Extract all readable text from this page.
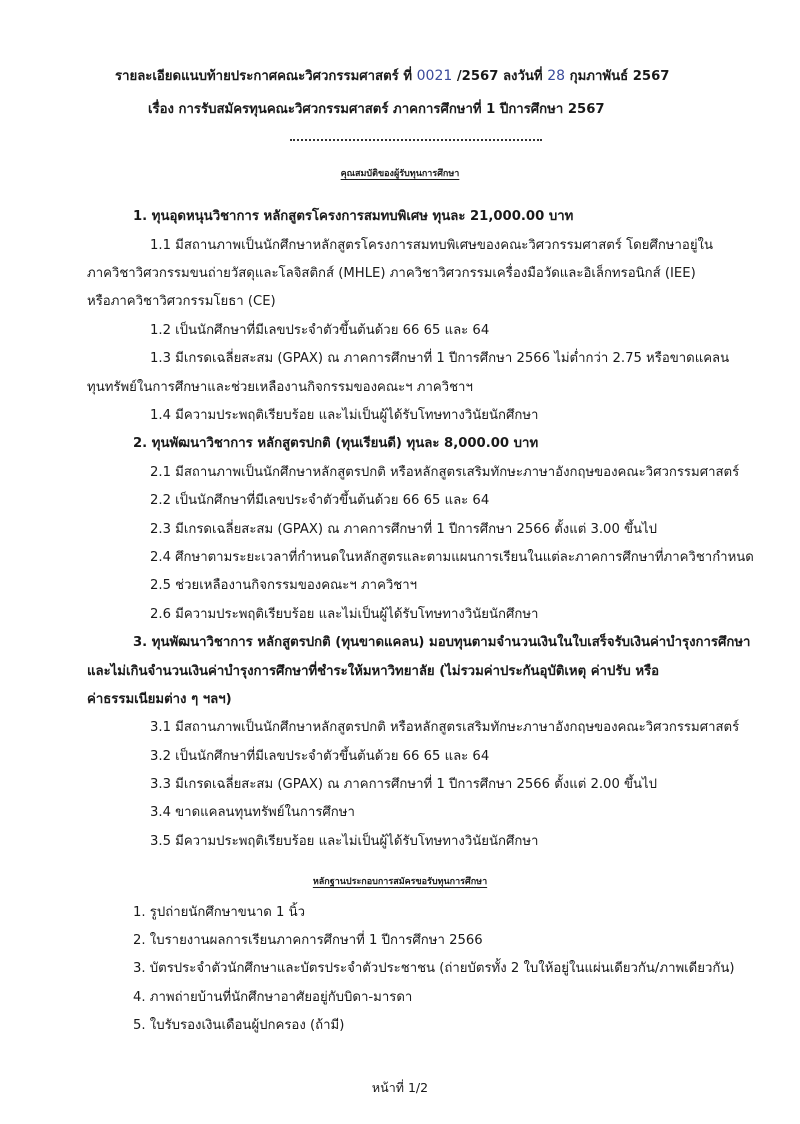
รายละเอียดแนบท้ายประกาศคณะวิศวกรรมศาสตร์ ที่ 0021 /2567 ลงวันที่ 28 กุมภาพันธ์ 2567
เรื่อง การรับสมัครทุนคณะวิศวกรรมศาสตร์ ภาคการศึกษาที่ 1 ปีการศึกษา 2567
คุณสมบัติของผู้รับทุนการศึกษา
1. ทุนอุดหนุนวิชาการ หลักสูตรโครงการสมทบพิเศษ ทุนละ 21,000.00 บาท
1.1 มีสถานภาพเป็นนักศึกษาหลักสูตรโครงการสมทบพิเศษของคณะวิศวกรรมศาสตร์ โดยศึกษาอยู่ใน
ภาควิชาวิศวกรรมขนถ่ายวัสดุและโลจิสติกส์ (MHLE) ภาควิชาวิศวกรรมเครื่องมือวัดและอิเล็กทรอนิกส์ (IEE)
หรือภาควิชาวิศวกรรมโยธา (CE)
1.2 เป็นนักศึกษาที่มีเลขประจำตัวขึ้นต้นด้วย 66 65 และ 64
1.3 มีเกรดเฉลี่ยสะสม (GPAX) ณ ภาคการศึกษาที่ 1 ปีการศึกษา 2566 ไม่ต่ำกว่า 2.75 หรือขาดแคลน
ทุนทรัพย์ในการศึกษาและช่วยเหลืองานกิจกรรมของคณะฯ ภาควิชาฯ
1.4 มีความประพฤติเรียบร้อย และไม่เป็นผู้ได้รับโทษทางวินัยนักศึกษา
2. ทุนพัฒนาวิชาการ หลักสูตรปกติ (ทุนเรียนดี) ทุนละ 8,000.00 บาท
2.1 มีสถานภาพเป็นนักศึกษาหลักสูตรปกติ หรือหลักสูตรเสริมทักษะภาษาอังกฤษของคณะวิศวกรรมศาสตร์
2.2 เป็นนักศึกษาที่มีเลขประจำตัวขึ้นต้นด้วย 66 65 และ 64
2.3 มีเกรดเฉลี่ยสะสม (GPAX) ณ ภาคการศึกษาที่ 1 ปีการศึกษา 2566 ตั้งแต่ 3.00 ขึ้นไป
2.4 ศึกษาตามระยะเวลาที่กำหนดในหลักสูตรและตามแผนการเรียนในแต่ละภาคการศึกษาที่ภาควิชากำหนด
2.5 ช่วยเหลืองานกิจกรรมของคณะฯ ภาควิชาฯ
2.6 มีความประพฤติเรียบร้อย และไม่เป็นผู้ได้รับโทษทางวินัยนักศึกษา
3. ทุนพัฒนาวิชาการ หลักสูตรปกติ (ทุนขาดแคลน) มอบทุนตามจำนวนเงินในใบเสร็จรับเงินค่าบำรุงการศึกษา
และไม่เกินจำนวนเงินค่าบำรุงการศึกษาที่ชำระให้มหาวิทยาลัย (ไม่รวมค่าประกันอุบัติเหตุ ค่าปรับ หรือ
ค่าธรรมเนียมต่าง ๆ ฯลฯ)
3.1 มีสถานภาพเป็นนักศึกษาหลักสูตรปกติ หรือหลักสูตรเสริมทักษะภาษาอังกฤษของคณะวิศวกรรมศาสตร์
3.2 เป็นนักศึกษาที่มีเลขประจำตัวขึ้นต้นด้วย 66 65 และ 64
3.3 มีเกรดเฉลี่ยสะสม (GPAX) ณ ภาคการศึกษาที่ 1 ปีการศึกษา 2566 ตั้งแต่ 2.00 ขึ้นไป
3.4 ขาดแคลนทุนทรัพย์ในการศึกษา
3.5 มีความประพฤติเรียบร้อย และไม่เป็นผู้ได้รับโทษทางวินัยนักศึกษา
หลักฐานประกอบการสมัครขอรับทุนการศึกษา
1. รูปถ่ายนักศึกษาขนาด 1 นิ้ว
2. ใบรายงานผลการเรียนภาคการศึกษาที่ 1 ปีการศึกษา 2566
3. บัตรประจำตัวนักศึกษาและบัตรประจำตัวประชาชน (ถ่ายบัตรทั้ง 2 ใบให้อยู่ในแผ่นเดียวกัน/ภาพเดียวกัน)
4. ภาพถ่ายบ้านที่นักศึกษาอาศัยอยู่กับบิดา-มารดา
5. ใบรับรองเงินเดือนผู้ปกครอง (ถ้ามี)
หน้าที่ 1/2
